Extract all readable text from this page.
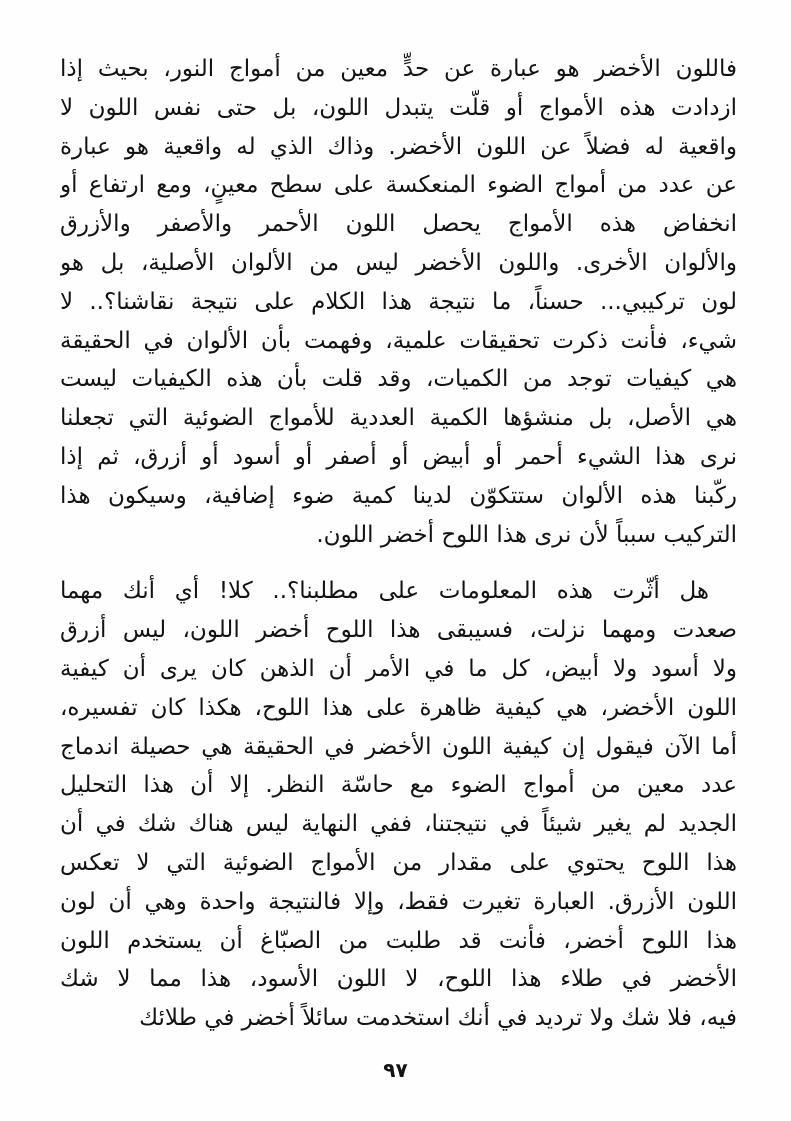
فاللون الأخضر هو عبارة عن حدٍّ معين من أمواج النور، بحيث إذا
ازدادت هذه الأمواج أو قلّت يتبدل اللون، بل حتى نفس اللون لا
واقعية له فضلاً عن اللون الأخضر. وذاك الذي له واقعية هو عبارة
عن عدد من أمواج الضوء المنعكسة على سطح معينٍ، ومع ارتفاع أو
انخفاض هذه الأمواج يحصل اللون الأحمر والأصفر والأزرق
والألوان الأخرى. واللون الأخضر ليس من الألوان الأصلية، بل هو
لون تركيبي... حسناً، ما نتيجة هذا الكلام على نتيجة نقاشنا؟.. لا
شيء، فأنت ذكرت تحقيقات علمية، وفهمت بأن الألوان في الحقيقة
هي كيفيات توجد من الكميات، وقد قلت بأن هذه الكيفيات ليست
هي الأصل، بل منشؤها الكمية العددية للأمواج الضوئية التي تجعلنا
نرى هذا الشيء أحمر أو أبيض أو أصفر أو أسود أو أزرق، ثم إذا
ركّبنا هذه الألوان ستتكوّن لدينا كمية ضوء إضافية، وسيكون هذا
التركيب سبباً لأن نرى هذا اللوح أخضر اللون.
هل أثّرت هذه المعلومات على مطلبنا؟.. كلا! أي أنك مهما
صعدت ومهما نزلت، فسيبقى هذا اللوح أخضر اللون، ليس أزرق
ولا أسود ولا أبيض، كل ما في الأمر أن الذهن كان يرى أن كيفية
اللون الأخضر، هي كيفية ظاهرة على هذا اللوح، هكذا كان تفسيره،
أما الآن فيقول إن كيفية اللون الأخضر في الحقيقة هي حصيلة اندماج
عدد معين من أمواج الضوء مع حاسّة النظر. إلا أن هذا التحليل
الجديد لم يغير شيئاً في نتيجتنا، ففي النهاية ليس هناك شك في أن
هذا اللوح يحتوي على مقدار من الأمواج الضوئية التي لا تعكس
اللون الأزرق. العبارة تغيرت فقط، وإلا فالنتيجة واحدة وهي أن لون
هذا اللوح أخضر، فأنت قد طلبت من الصبّاغ أن يستخدم اللون
الأخضر في طلاء هذا اللوح، لا اللون الأسود، هذا مما لا شك
فيه، فلا شك ولا ترديد في أنك استخدمت سائلاً أخضر في طلائك
٩٧
